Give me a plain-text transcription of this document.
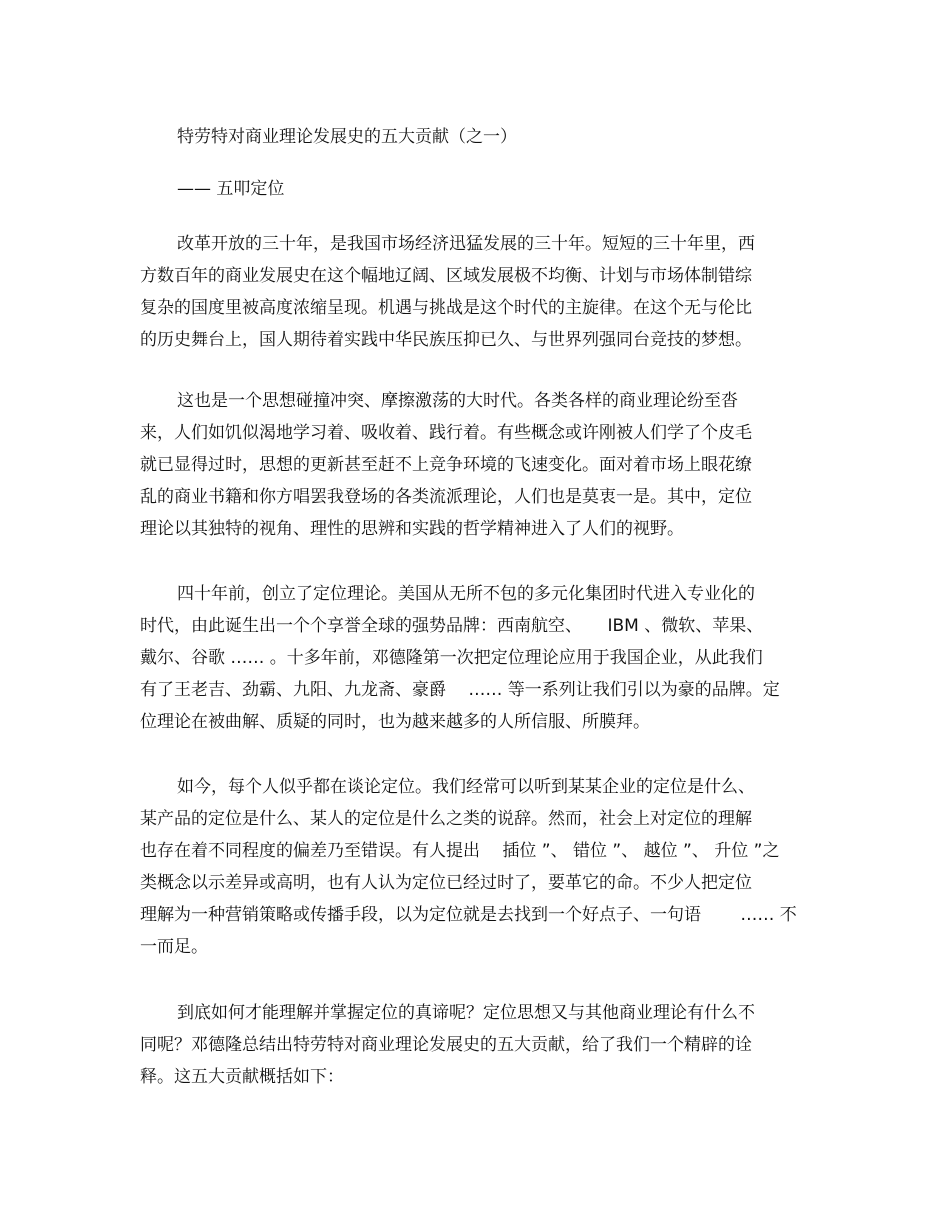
特劳特对商业理论发展史的五大贡献（之一）
—— 五叩定位
改革开放的三十年，是我国市场经济迅猛发展的三十年。短短的三十年里，西
方数百年的商业发展史在这个幅地辽阔、区域发展极不均衡、计划与市场体制错综
复杂的国度里被高度浓缩呈现。机遇与挑战是这个时代的主旋律。在这个无与伦比
的历史舞台上，国人期待着实践中华民族压抑已久、与世界列强同台竞技的梦想。
这也是一个思想碰撞冲突、摩擦激荡的大时代。各类各样的商业理论纷至沓
来，人们如饥似渴地学习着、吸收着、践行着。有些概念或许刚被人们学了个皮毛
就已显得过时，思想的更新甚至赶不上竞争环境的飞速变化。面对着市场上眼花缭
乱的商业书籍和你方唱罢我登场的各类流派理论，人们也是莫衷一是。其中，定位
理论以其独特的视角、理性的思辨和实践的哲学精神进入了人们的视野。
四十年前，创立了定位理论。美国从无所不包的多元化集团时代进入专业化的
时代，由此诞生出一个个享誉全球的强势品牌：西南航空、　　IBM 、微软、苹果、
戴尔、谷歌 …… 。十多年前，邓德隆第一次把定位理论应用于我国企业，从此我们
有了王老吉、劲霸、九阳、九龙斋、豪爵　 …… 等一系列让我们引以为豪的品牌。定
位理论在被曲解、质疑的同时，也为越来越多的人所信服、所膜拜。
如今，每个人似乎都在谈论定位。我们经常可以听到某某企业的定位是什么、
某产品的定位是什么、某人的定位是什么之类的说辞。然而，社会上对定位的理解
也存在着不同程度的偏差乃至错误。有人提出　 插位 ”、 错位 ”、 越位 ”、 升位 ”之
类概念以示差异或高明，也有人认为定位已经过时了，要革它的命。不少人把定位
理解为一种营销策略或传播手段，以为定位就是去找到一个好点子、一句语　　 …… 不
一而足。
到底如何才能理解并掌握定位的真谛呢？定位思想又与其他商业理论有什么不
同呢？邓德隆总结出特劳特对商业理论发展史的五大贡献，给了我们一个精辟的诠
释。这五大贡献概括如下：
